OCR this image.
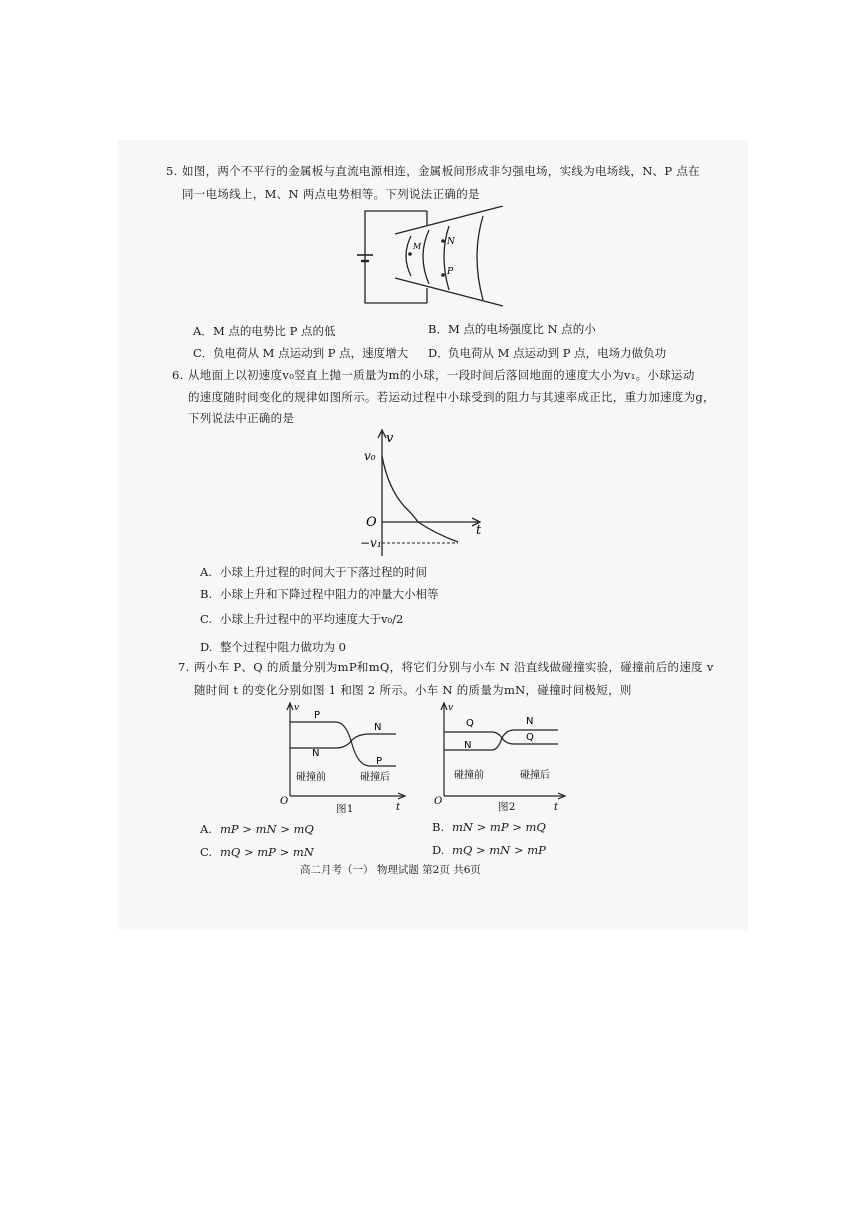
5. 如图，两个不平行的金属板与直流电源相连，金属板间形成非匀强电场，实线为电场线，N、P 点在
同一电场线上，M、N 两点电势相等。下列说法正确的是
M	N
P
A．M 点的电势比 P 点的低	B．M 点的电场强度比 N 点的小
C．负电荷从 M 点运动到 P 点，速度增大 D．负电荷从 M 点运动到 P 点，电场力做负功
6. 从地面上以初速度v₀竖直上抛一质量为m的小球，一段时间后落回地面的速度大小为v₁。小球运动
的速度随时间变化的规律如图所示。若运动过程中小球受到的阻力与其速率成正比，重力加速度为g，
下列说法中正确的是
v
t
O
v₀
−v₁
A. 小球上升过程的时间大于下落过程的时间
B. 小球上升和下降过程中阻力的冲量大小相等
C. 小球上升过程中的平均速度大于v₀/2
D. 整个过程中阻力做功为 0
7. 两小车 P、Q 的质量分别为mP和mQ，将它们分别与小车 N 沿直线做碰撞实验，碰撞前后的速度 v
随时间 t 的变化分别如图 1 和图 2 所示。小车 N 的质量为mN，碰撞时间极短，则
P
N
N
P
碰撞前	碰撞后
v
t
O
图1
Q
N
N
Q
碰撞前	碰撞后
v
t
O	图2
A. mP > mN > mQ	B. mN > mP > mQ
C. mQ > mP > mN	D. mQ > mN > mP
高二月考（一） 物理试题 第2页 共6页
